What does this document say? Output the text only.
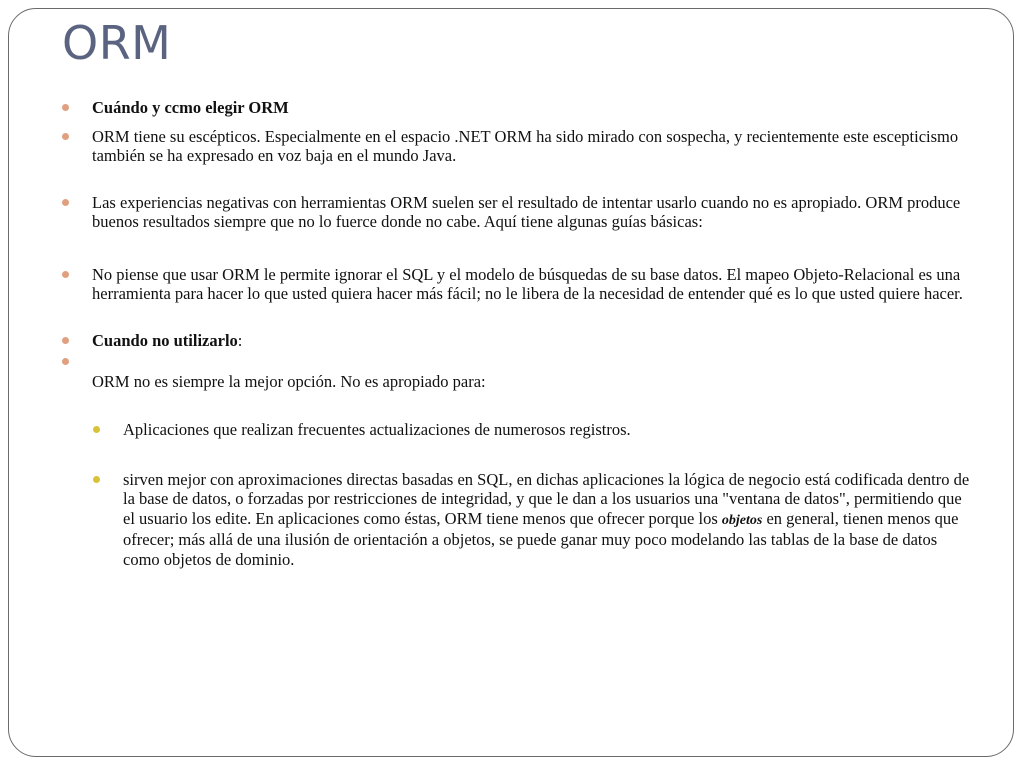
ORM
Cuándo y ccmo elegir ORM
ORM tiene su escépticos. Especialmente en el espacio .NET ORM ha sido mirado con sospecha, y recientemente este escepticismo también se ha expresado en voz baja en el mundo Java.
Las experiencias negativas con herramientas ORM suelen ser el resultado de intentar usarlo cuando no es apropiado. ORM produce buenos resultados siempre que no lo fuerce donde no cabe. Aquí tiene algunas guías básicas:
No piense que usar ORM le permite ignorar el SQL y el modelo de búsquedas de su base datos. El mapeo Objeto-Relacional es una herramienta para hacer lo que usted quiera hacer más fácil; no le libera de la necesidad de entender qué es lo que usted quiere hacer.
Cuando no utilizarlo:

ORM no es siempre la mejor opción. No es apropiado para:
Aplicaciones que realizan frecuentes actualizaciones de numerosos registros.
sirven mejor con aproximaciones directas basadas en SQL, en dichas aplicaciones la lógica de negocio está codificada dentro de la base de datos, o forzadas por restricciones de integridad, y que le dan a los usuarios una "ventana de datos", permitiendo que el usuario los edite. En aplicaciones como éstas, ORM tiene menos que ofrecer porque los objetos en general, tienen menos que ofrecer; más allá de una ilusión de orientación a objetos, se puede ganar muy poco modelando las tablas de la base de datos como objetos de dominio.
